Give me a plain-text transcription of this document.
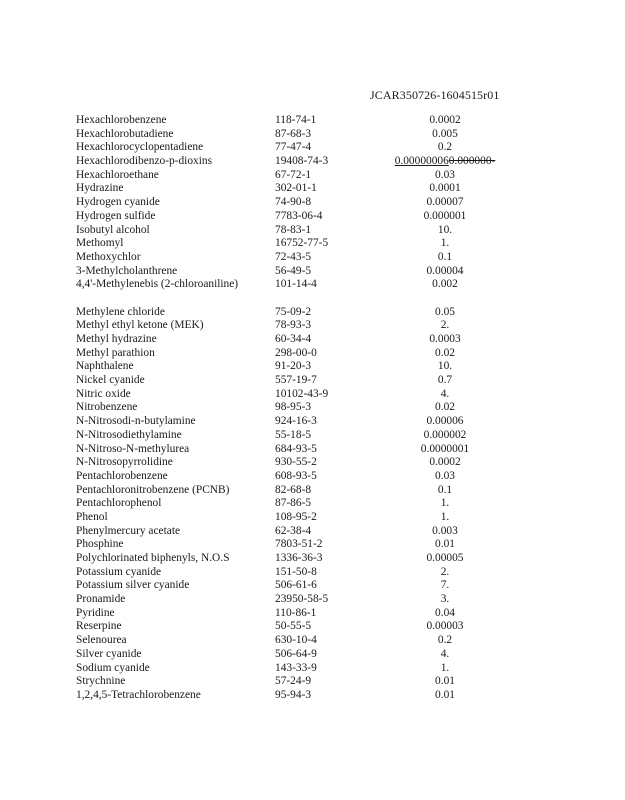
JCAR350726-1604515r01
Hexachlorobenzene	118-74-1	0.0002
Hexachlorobutadiene	87-68-3	0.005
Hexachlorocyclopentadiene	77-47-4	0.2
Hexachlorodibenzo-p-dioxins	19408-74-3	0.000000060.000000-
Hexachloroethane	67-72-1	0.03
Hydrazine	302-01-1	0.0001
Hydrogen cyanide	74-90-8	0.00007
Hydrogen sulfide	7783-06-4	0.000001
Isobutyl alcohol	78-83-1	10.
Methomyl	16752-77-5	1.
Methoxychlor	72-43-5	0.1
3-Methylcholanthrene	56-49-5	0.00004
4,4'-Methylenebis (2-chloroaniline)	101-14-4	0.002
Methylene chloride	75-09-2	0.05
Methyl ethyl ketone (MEK)	78-93-3	2.
Methyl hydrazine	60-34-4	0.0003
Methyl parathion	298-00-0	0.02
Naphthalene	91-20-3	10.
Nickel cyanide	557-19-7	0.7
Nitric oxide	10102-43-9	4.
Nitrobenzene	98-95-3	0.02
N-Nitrosodi-n-butylamine	924-16-3	0.00006
N-Nitrosodiethylamine	55-18-5	0.000002
N-Nitroso-N-methylurea	684-93-5	0.0000001
N-Nitrosopyrrolidine	930-55-2	0.0002
Pentachlorobenzene	608-93-5	0.03
Pentachloronitrobenzene (PCNB)	82-68-8	0.1
Pentachlorophenol	87-86-5	1.
Phenol	108-95-2	1.
Phenylmercury acetate	62-38-4	0.003
Phosphine	7803-51-2	0.01
Polychlorinated biphenyls, N.O.S	1336-36-3	0.00005
Potassium cyanide	151-50-8	2.
Potassium silver cyanide	506-61-6	7.
Pronamide	23950-58-5	3.
Pyridine	110-86-1	0.04
Reserpine	50-55-5	0.00003
Selenourea	630-10-4	0.2
Silver cyanide	506-64-9	4.
Sodium cyanide	143-33-9	1.
Strychnine	57-24-9	0.01
1,2,4,5-Tetrachlorobenzene	95-94-3	0.01
